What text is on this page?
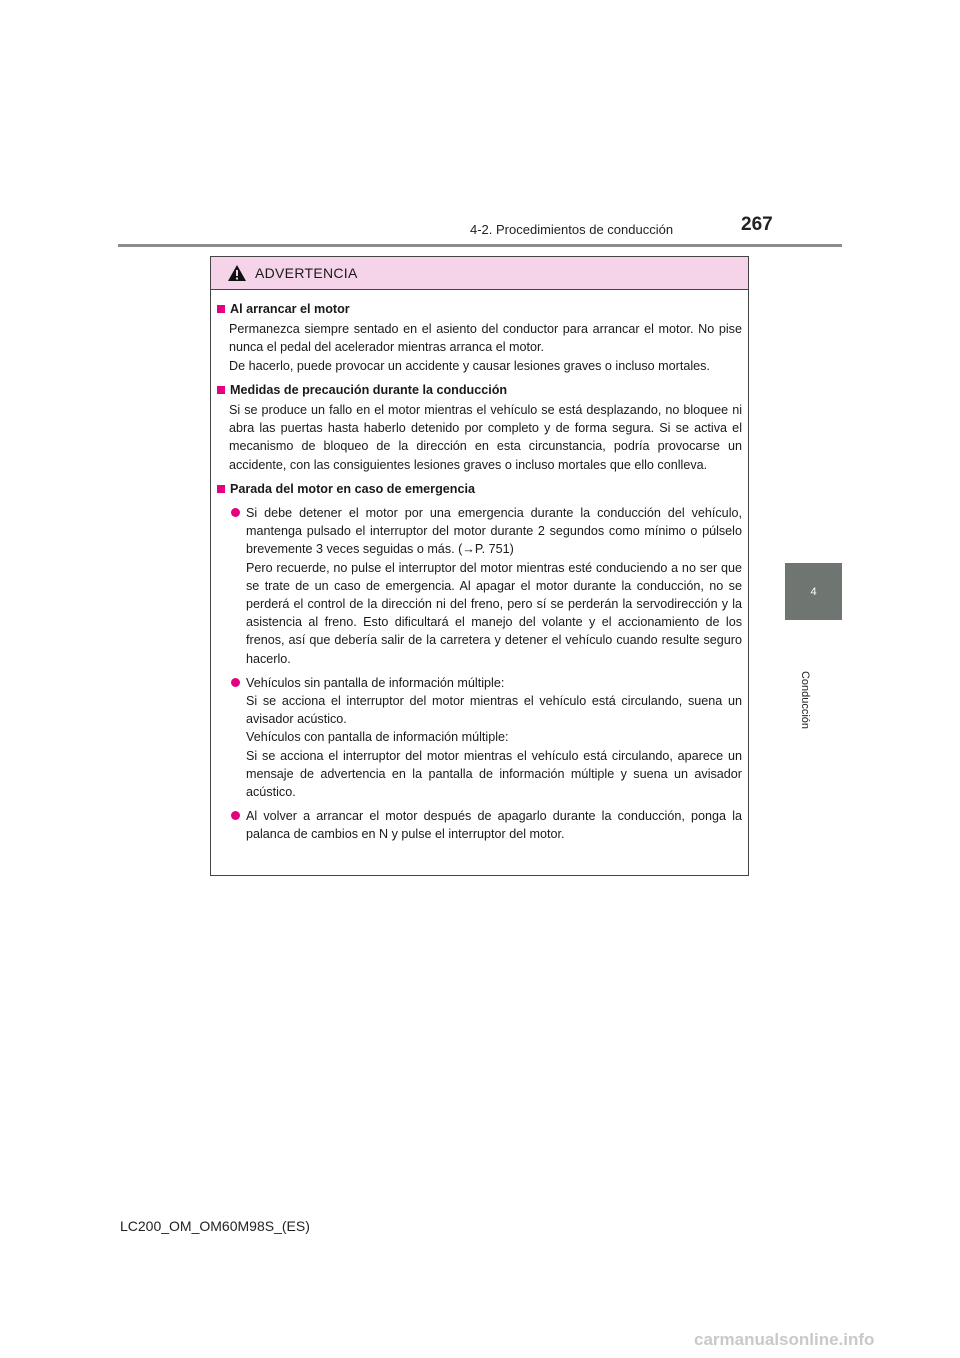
4-2. Procedimientos de conducción	267
4
Conducción
ADVERTENCIA
Al arrancar el motor

Permanezca siempre sentado en el asiento del conductor para arrancar el motor. No pise nunca el pedal del acelerador mientras arranca el motor.

De hacerlo, puede provocar un accidente y causar lesiones graves o incluso mortales.

Medidas de precaución durante la conducción

Si se produce un fallo en el motor mientras el vehículo se está desplazando, no bloquee ni abra las puertas hasta haberlo detenido por completo y de forma segura. Si se activa el mecanismo de bloqueo de la dirección en esta circunstancia, podría provocarse un accidente, con las consiguientes lesiones graves o incluso mortales que ello conlleva.

Parada del motor en caso de emergencia

Si debe detener el motor por una emergencia durante la conducción del vehículo, mantenga pulsado el interruptor del motor durante 2 segundos como mínimo o púlselo brevemente 3 veces seguidas o más. (→P. 751)

Pero recuerde, no pulse el interruptor del motor mientras esté conduciendo a no ser que se trate de un caso de emergencia. Al apagar el motor durante la conducción, no se perderá el control de la dirección ni del freno, pero sí se perderán la servodirección y la asistencia al freno. Esto dificultará el manejo del volante y el accionamiento de los frenos, así que debería salir de la carretera y detener el vehículo cuando resulte seguro hacerlo.

Vehículos sin pantalla de información múltiple:

Si se acciona el interruptor del motor mientras el vehículo está circulando, suena un avisador acústico.

Vehículos con pantalla de información múltiple:

Si se acciona el interruptor del motor mientras el vehículo está circulando, aparece un mensaje de advertencia en la pantalla de información múltiple y suena un avisador acústico.

Al volver a arrancar el motor después de apagarlo durante la conducción, ponga la palanca de cambios en N y pulse el interruptor del motor.

LC200_OM_OM60M98S_(ES)
carmanualsonline.info
